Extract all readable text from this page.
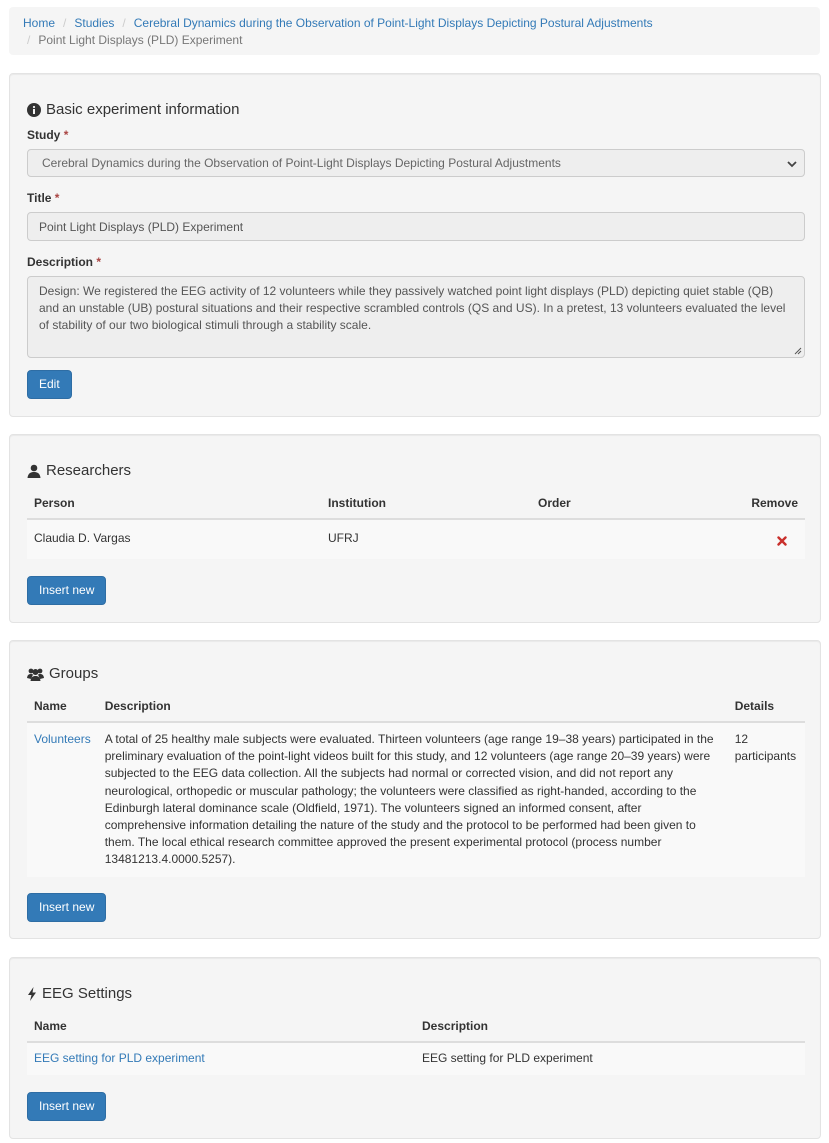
Home / Studies / Cerebral Dynamics during the Observation of Point-Light Displays Depicting Postural Adjustments
/ Point Light Displays (PLD) Experiment
Basic experiment information
Study *
Cerebral Dynamics during the Observation of Point-Light Displays Depicting Postural Adjustments
Title *
Point Light Displays (PLD) Experiment
Description *
Design: We registered the EEG activity of 12 volunteers while they passively watched point light displays (PLD) depicting quiet stable (QB) and an unstable (UB) postural situations and their respective scrambled controls (QS and US). In a pretest, 13 volunteers evaluated the level of stability of our two biological stimuli through a stability scale.
Edit
Researchers
Person	Institution	Order	Remove
Claudia D. Vargas	UFRJ		
Insert new
Groups
Name	Description	Details
Volunteers	A total of 25 healthy male subjects were evaluated. Thirteen volunteers (age range 19–38 years) participated in the preliminary evaluation of the point-light videos built for this study, and 12 volunteers (age range 20–39 years) were subjected to the EEG data collection. All the subjects had normal or corrected vision, and did not report any neurological, orthopedic or muscular pathology; the volunteers were classified as right-handed, according to the Edinburgh lateral dominance scale (Oldfield, 1971). The volunteers signed an informed consent, after comprehensive information detailing the nature of the study and the protocol to be performed had been given to them. The local ethical research committee approved the present experimental protocol (process number 13481213.4.0000.5257).	12 participants
Insert new
EEG Settings
Name	Description
EEG setting for PLD experiment	EEG setting for PLD experiment
Insert new
